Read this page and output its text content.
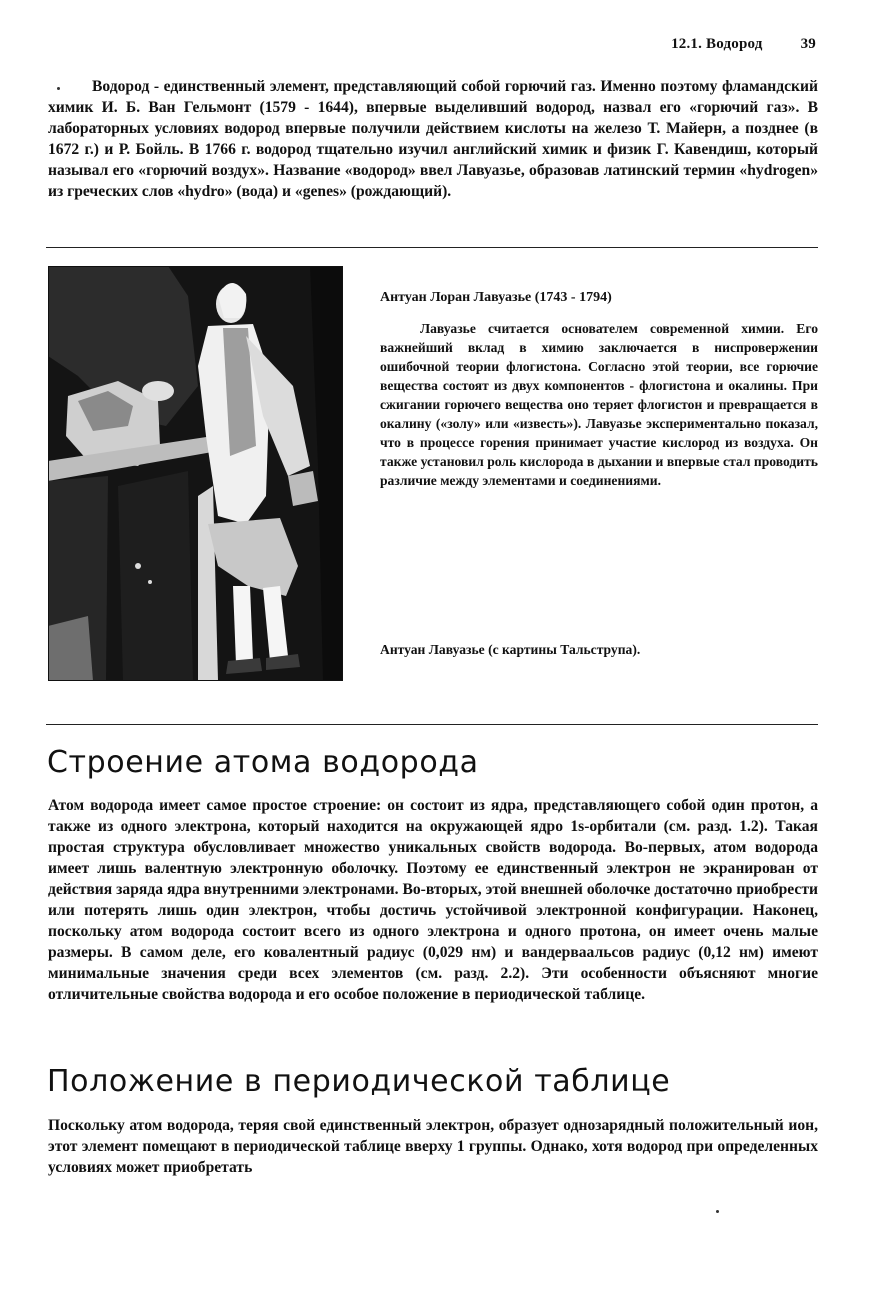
12.1. Водород	39

Водород - единственный элемент, представляющий собой горючий газ. Именно поэтому фламандский химик И. Б. Ван Гельмонт (1579 - 1644), впервые выделивший водород, назвал его «горючий газ». В лабораторных условиях водород впервые получили действием кислоты на железо Т. Майерн, а позднее (в 1672 г.) и Р. Бойль. В 1766 г. водород тщательно изучил английский химик и физик Г. Кавендиш, который называл его «горючий воздух». Название «водород» ввел Лавуазье, образовав латинский термин «hydrogen» из греческих слов «hydro» (вода) и «genes» (рождающий).

Антуан Лоран Лавуазье (1743 - 1794)

Лавуазье считается основателем современной химии. Его важнейший вклад в химию заключается в ниспровержении ошибочной теории флогистона. Согласно этой теории, все горючие вещества состоят из двух компонентов - флогистона и окалины. При сжигании горючего вещества оно теряет флогистон и превращается в окалину («золу» или «известь»). Лавуазье экспериментально показал, что в процессе горения принимает участие кислород из воздуха. Он также установил роль кислорода в дыхании и впервые стал проводить различие между элементами и соединениями.

Антуан Лавуазье (с картины Тальструпа).

Строение атома водорода

Атом водорода имеет самое простое строение: он состоит из ядра, представляющего собой один протон, а также из одного электрона, который находится на окружающей ядро 1s-орбитали (см. разд. 1.2). Такая простая структура обусловливает множество уникальных свойств водорода. Во-первых, атом водорода имеет лишь валентную электронную оболочку. Поэтому ее единственный электрон не экранирован от действия заряда ядра внутренними электронами. Во-вторых, этой внешней оболочке достаточно приобрести или потерять лишь один электрон, чтобы достичь устойчивой электронной конфигурации. Наконец, поскольку атом водорода состоит всего из одного электрона и одного протона, он имеет очень малые размеры. В самом деле, его ковалентный радиус (0,029 нм) и вандерваальсов радиус (0,12 нм) имеют минимальные значения среди всех элементов (см. разд. 2.2). Эти особенности объясняют многие отличительные свойства водорода и его особое положение в периодической таблице.

Положение в периодической таблице

Поскольку атом водорода, теряя свой единственный электрон, образует однозарядный положительный ион, этот элемент помещают в периодической таблице вверху 1 группы. Однако, хотя водород при определенных условиях может приобретать
